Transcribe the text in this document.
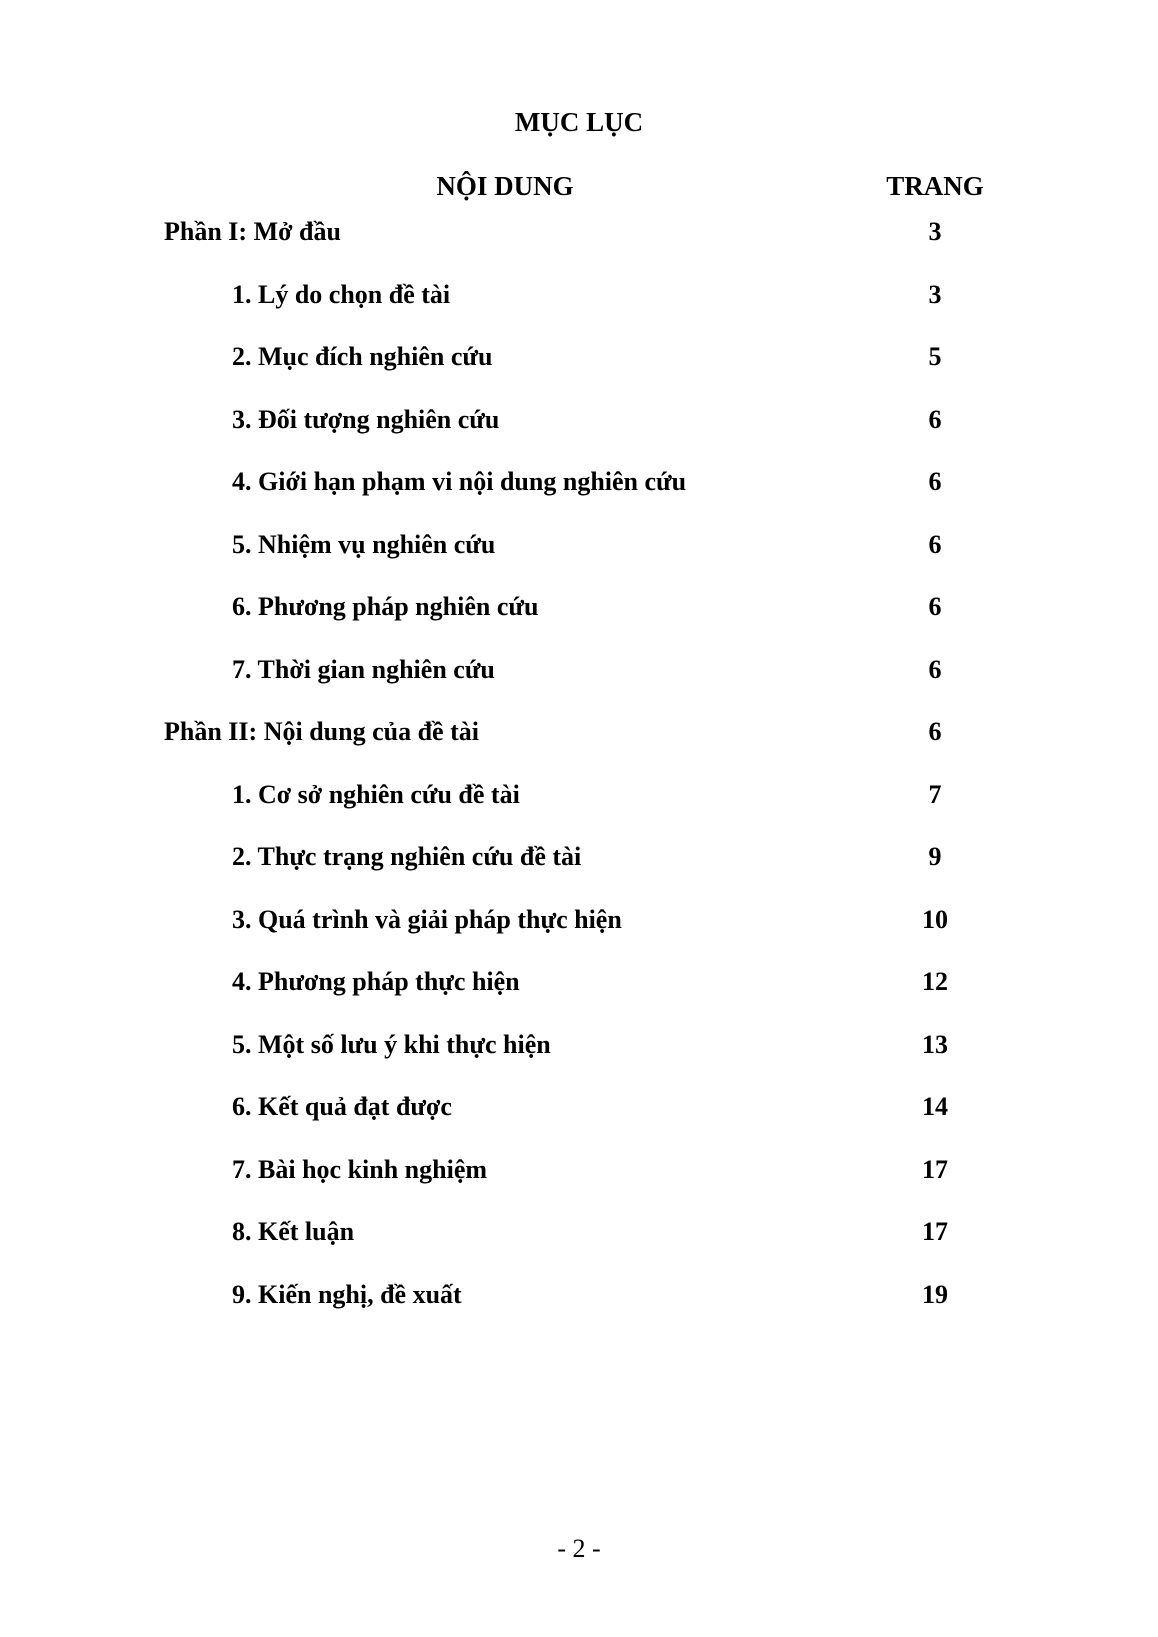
MỤC LỤC
NỘI DUNG	TRANG
Phần I: Mở đầu	3
1. Lý do chọn đề tài	3
2. Mục đích nghiên cứu	5
3. Đối tượng nghiên cứu	6
4. Giới hạn phạm vi nội dung nghiên cứu	6
5. Nhiệm vụ nghiên cứu	6
6. Phương pháp nghiên cứu	6
7. Thời gian nghiên cứu	6
Phần II: Nội dung của đề tài	6
1. Cơ sở nghiên cứu đề tài	7
2. Thực trạng nghiên cứu đề tài	9
3. Quá trình và giải pháp thực hiện	10
4. Phương pháp thực hiện	12
5. Một số lưu ý khi thực hiện	13
6. Kết quả đạt được	14
7. Bài học kinh nghiệm	17
8. Kết luận	17
9. Kiến nghị, đề xuất	19
- 2 -
